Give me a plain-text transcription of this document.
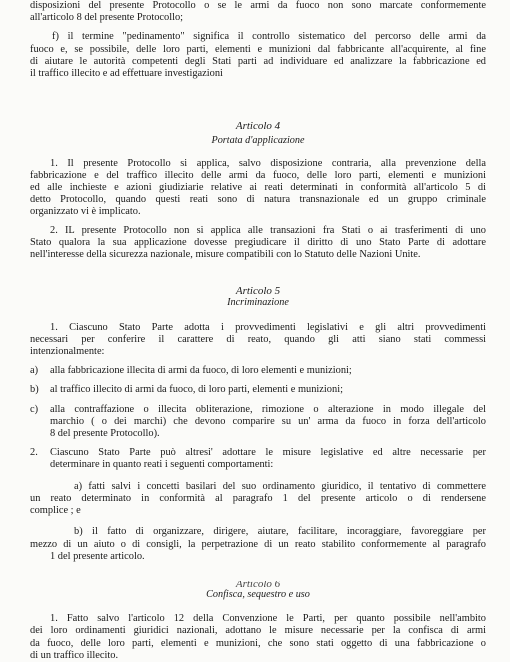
disposizioni del presente Protocollo o se le armi da fuoco non sono marcate conformemente
all'articolo 8 del presente Protocollo;
f) il termine "pedinamento" significa il controllo sistematico del percorso delle armi da
fuoco e, se possibile, delle loro parti, elementi e munizioni dal fabbricante all'acquirente, al fine
di aiutare le autorità competenti degli Stati parti ad individuare ed analizzare la fabbricazione ed
il traffico illecito e ad effettuare investigazioni
Articolo 4
Portata d'applicazione
1. Il presente Protocollo si applica, salvo disposizione contraria, alla prevenzione della
fabbricazione e del traffico illecito delle armi da fuoco, delle loro parti, elementi e munizioni
ed alle inchieste e azioni giudiziarie relative ai reati determinati in conformità all'articolo 5 di
detto Protocollo, quando questi reati sono di natura transnazionale ed un gruppo criminale
organizzato vi è implicato.
2. IL presente Protocollo non si applica alle transazioni fra Stati o ai trasferimenti di uno
Stato qualora la sua applicazione dovesse pregiudicare il diritto di uno Stato Parte di adottare
nell'interesse della sicurezza nazionale, misure compatibili con lo Statuto delle Nazioni Unite.
Articolo 5
Incriminazione
1. Ciascuno Stato Parte adotta i provvedimenti legislativi e gli altri provvedimenti
necessari per conferire il carattere di reato, quando gli atti siano stati commessi
intenzionalmente:
a)	alla fabbricazione illecita di armi da fuoco, di loro elementi e munizioni;
b)	al traffico illecito di armi da fuoco, di loro parti, elementi e munizioni;
c)	alla contraffazione o illecita obliterazione, rimozione o alterazione in modo illegale del
marchio ( o dei marchi) che devono comparire su un' arma da fuoco in forza dell'articolo
8 del presente Protocollo).
2.	Ciascuno Stato Parte può altresi' adottare le misure legislative ed altre necessarie per
determinare in quanto reati i seguenti comportamenti:
a) fatti salvi i concetti basilari del suo ordinamento giuridico, il tentativo di commettere
un reato determinato in conformità al paragrafo 1 del presente articolo o di rendersene
complice ; e
b) il fatto di organizzare, dirigere, aiutare, facilitare, incoraggiare, favoreggiare per
mezzo di un aiuto o di consigli, la perpetrazione di un reato stabilito conformemente al paragrafo
1 del presente articolo.
Articolo 6
Confisca, sequestro e uso
1. Fatto salvo l'articolo 12 della Convenzione le Parti, per quanto possibile nell'ambito
dei loro ordinamenti giuridici nazionali, adottano le misure necessarie per la confisca di armi
da fuoco, delle loro parti, elementi e munizioni, che sono stati oggetto di una fabbricazione o
di un traffico illecito.
